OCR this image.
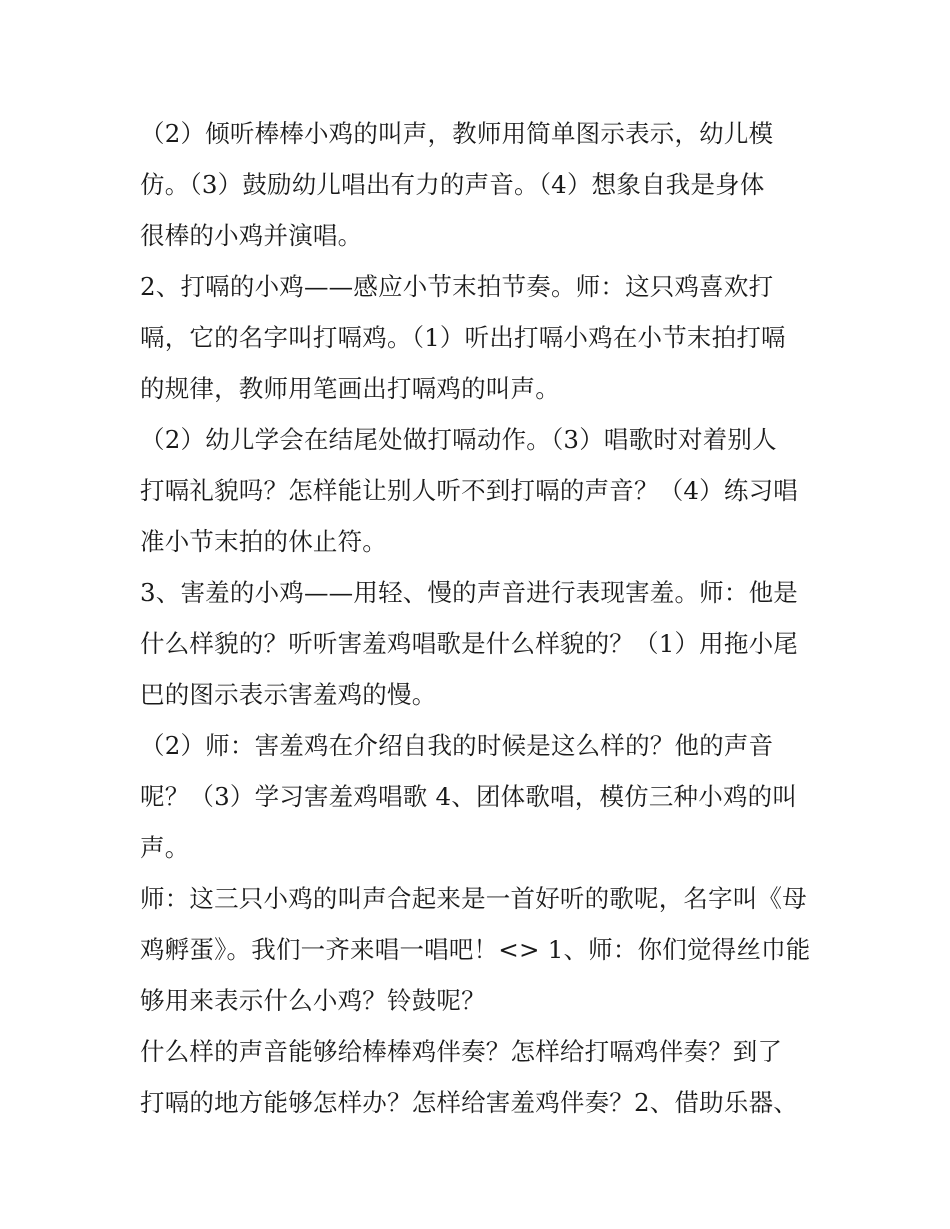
（2）倾听棒棒小鸡的叫声，教师用简单图示表示，幼儿模
仿。（3）鼓励幼儿唱出有力的声音。（4）想象自我是身体
很棒的小鸡并演唱。

2、打嗝的小鸡——感应小节末拍节奏。师：这只鸡喜欢打
嗝，它的名字叫打嗝鸡。（1）听出打嗝小鸡在小节末拍打嗝
的规律，教师用笔画出打嗝鸡的叫声。

（2）幼儿学会在结尾处做打嗝动作。（3）唱歌时对着别人
打嗝礼貌吗？怎样能让别人听不到打嗝的声音？（4）练习唱
准小节末拍的休止符。

3、害羞的小鸡——用轻、慢的声音进行表现害羞。师：他是
什么样貌的？听听害羞鸡唱歌是什么样貌的？（1）用拖小尾
巴的图示表示害羞鸡的慢。

（2）师：害羞鸡在介绍自我的时候是这么样的？他的声音
呢？（3）学习害羞鸡唱歌 4、团体歌唱，模仿三种小鸡的叫
声。

师：这三只小鸡的叫声合起来是一首好听的歌呢，名字叫《母
鸡孵蛋》。我们一齐来唱一唱吧！<> 1、师：你们觉得丝巾能
够用来表示什么小鸡？铃鼓呢？

什么样的声音能够给棒棒鸡伴奏？怎样给打嗝鸡伴奏？到了
打嗝的地方能够怎样办？怎样给害羞鸡伴奏？2、借助乐器、
